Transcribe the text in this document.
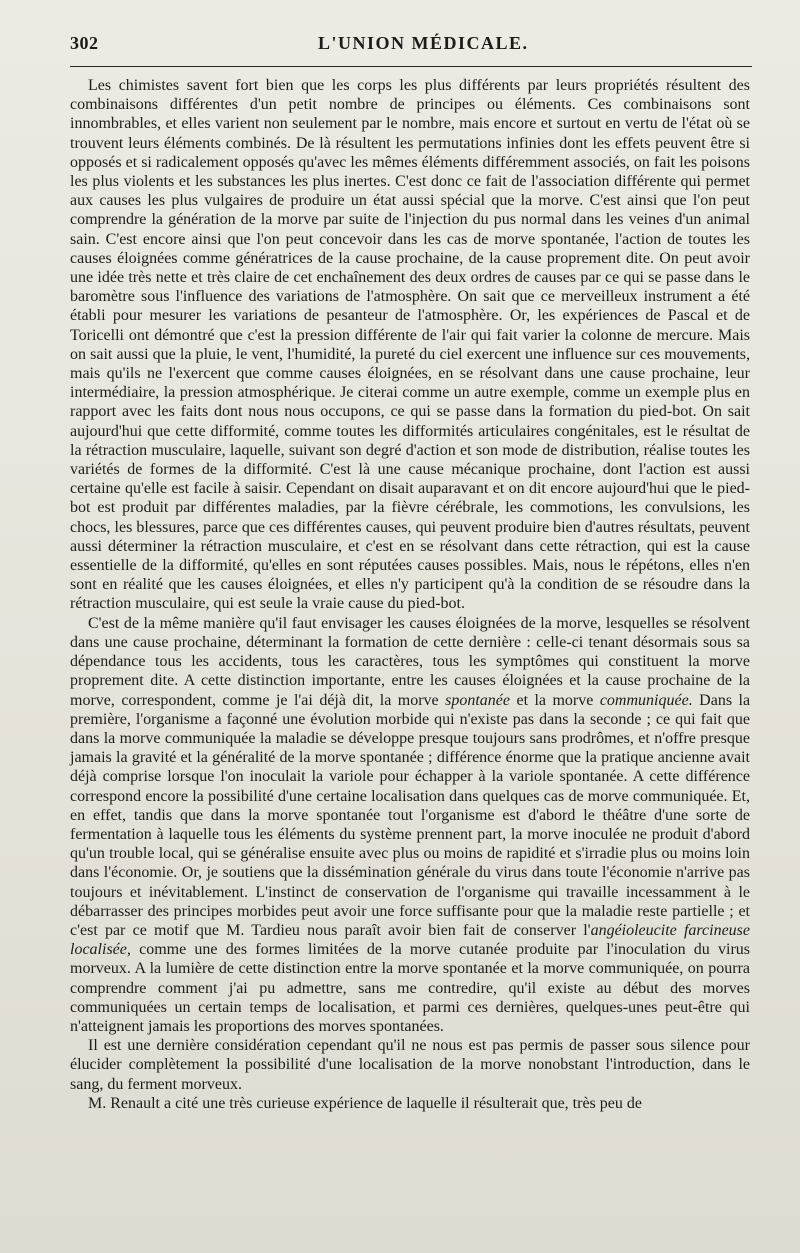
302	L'UNION MÉDICALE.

Les chimistes savent fort bien que les corps les plus différents par leurs propriétés résultent des combinaisons différentes d'un petit nombre de principes ou éléments. Ces combinaisons sont innombrables, et elles varient non seulement par le nombre, mais encore et surtout en vertu de l'état où se trouvent leurs éléments combinés. De là résultent les permutations infinies dont les effets peuvent être si opposés et si radicalement opposés qu'avec les mêmes éléments différemment associés, on fait les poisons les plus violents et les substances les plus inertes. C'est donc ce fait de l'association différente qui permet aux causes les plus vulgaires de produire un état aussi spécial que la morve. C'est ainsi que l'on peut comprendre la génération de la morve par suite de l'injection du pus normal dans les veines d'un animal sain. C'est encore ainsi que l'on peut concevoir dans les cas de morve spontanée, l'action de toutes les causes éloignées comme génératrices de la cause prochaine, de la cause proprement dite. On peut avoir une idée très nette et très claire de cet enchaînement des deux ordres de causes par ce qui se passe dans le baromètre sous l'influence des variations de l'atmosphère. On sait que ce merveilleux instrument a été établi pour mesurer les variations de pesanteur de l'atmosphère. Or, les expériences de Pascal et de Toricelli ont démontré que c'est la pression différente de l'air qui fait varier la colonne de mercure. Mais on sait aussi que la pluie, le vent, l'humidité, la pureté du ciel exercent une influence sur ces mouvements, mais qu'ils ne l'exercent que comme causes éloignées, en se résolvant dans une cause prochaine, leur intermédiaire, la pression atmosphérique. Je citerai comme un autre exemple, comme un exemple plus en rapport avec les faits dont nous nous occupons, ce qui se passe dans la formation du pied-bot. On sait aujourd'hui que cette difformité, comme toutes les difformités articulaires congénitales, est le résultat de la rétraction musculaire, laquelle, suivant son degré d'action et son mode de distribution, réalise toutes les variétés de formes de la difformité. C'est là une cause mécanique prochaine, dont l'action est aussi certaine qu'elle est facile à saisir. Cependant on disait auparavant et on dit encore aujourd'hui que le pied-bot est produit par différentes maladies, par la fièvre cérébrale, les commotions, les convulsions, les chocs, les blessures, parce que ces différentes causes, qui peuvent produire bien d'autres résultats, peuvent aussi déterminer la rétraction musculaire, et c'est en se résolvant dans cette rétraction, qui est la cause essentielle de la difformité, qu'elles en sont réputées causes possibles. Mais, nous le répétons, elles n'en sont en réalité que les causes éloignées, et elles n'y participent qu'à la condition de se résoudre dans la rétraction musculaire, qui est seule la vraie cause du pied-bot.

C'est de la même manière qu'il faut envisager les causes éloignées de la morve, lesquelles se résolvent dans une cause prochaine, déterminant la formation de cette dernière : celle-ci tenant désormais sous sa dépendance tous les accidents, tous les caractères, tous les symptômes qui constituent la morve proprement dite. A cette distinction importante, entre les causes éloignées et la cause prochaine de la morve, correspondent, comme je l'ai déjà dit, la morve spontanée et la morve communiquée. Dans la première, l'organisme a façonné une évolution morbide qui n'existe pas dans la seconde ; ce qui fait que dans la morve communiquée la maladie se développe presque toujours sans prodrômes, et n'offre presque jamais la gravité et la généralité de la morve spontanée ; différence énorme que la pratique ancienne avait déjà comprise lorsque l'on inoculait la variole pour échapper à la variole spontanée. A cette différence correspond encore la possibilité d'une certaine localisation dans quelques cas de morve communiquée. Et, en effet, tandis que dans la morve spontanée tout l'organisme est d'abord le théâtre d'une sorte de fermentation à laquelle tous les éléments du système prennent part, la morve inoculée ne produit d'abord qu'un trouble local, qui se généralise ensuite avec plus ou moins de rapidité et s'irradie plus ou moins loin dans l'économie. Or, je soutiens que la dissémination générale du virus dans toute l'économie n'arrive pas toujours et inévitablement. L'instinct de conservation de l'organisme qui travaille incessamment à le débarrasser des principes morbides peut avoir une force suffisante pour que la maladie reste partielle ; et c'est par ce motif que M. Tardieu nous paraît avoir bien fait de conserver l'angéioleucite farcineuse localisée, comme une des formes limitées de la morve cutanée produite par l'inoculation du virus morveux. A la lumière de cette distinction entre la morve spontanée et la morve communiquée, on pourra comprendre comment j'ai pu admettre, sans me contredire, qu'il existe au début des morves communiquées un certain temps de localisation, et parmi ces dernières, quelques-unes peut-être qui n'atteignent jamais les proportions des morves spontanées.

Il est une dernière considération cependant qu'il ne nous est pas permis de passer sous silence pour élucider complètement la possibilité d'une localisation de la morve nonobstant l'introduction, dans le sang, du ferment morveux.

M. Renault a cité une très curieuse expérience de laquelle il résulterait que, très peu de
